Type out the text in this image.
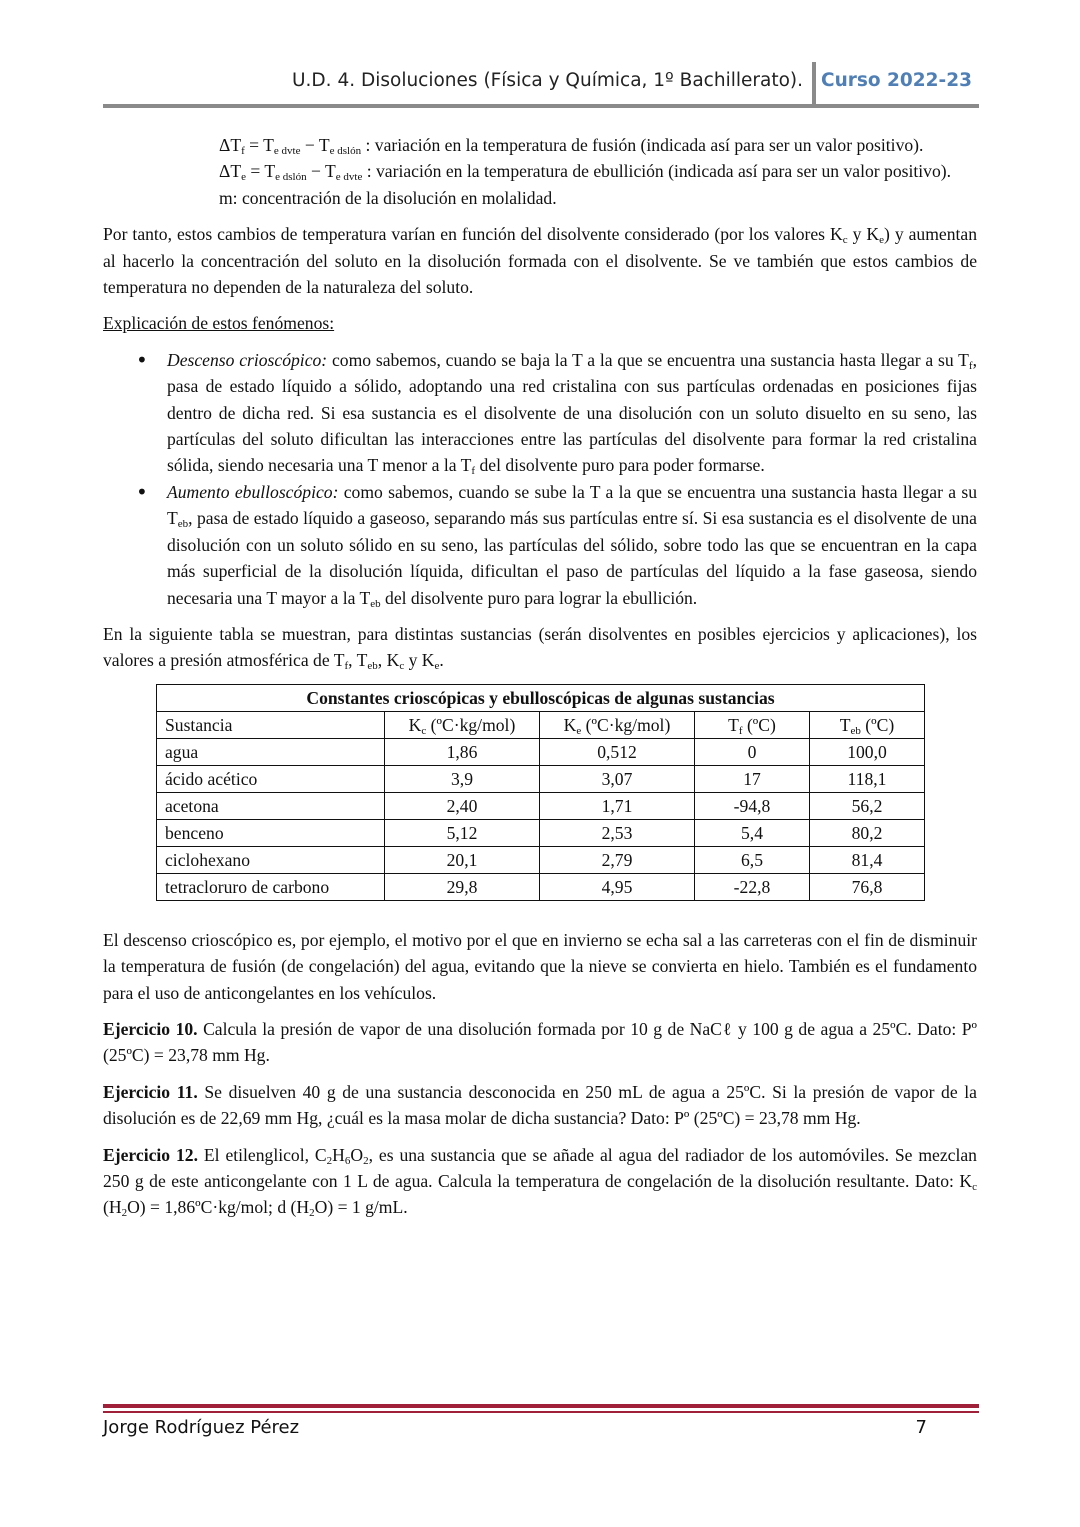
U.D. 4. Disoluciones (Física y Química, 1º Bachillerato). Curso 2022-23

$\Delta T_f = T_{e dvte} - T_{e dslón}$ : variación en la temperatura de fusión (indicada así para ser un valor positivo).

$\Delta T_e = T_{e dslón} - T_{e dvte}$ : variación en la temperatura de ebullición (indicada así para ser un valor positivo).

m: concentración de la disolución en molalidad.

Por tanto, estos cambios de temperatura varían en función del disolvente considerado (por los valores $K_c$ y $K_e$) y aumentan al hacerlo la concentración del soluto en la disolución formada con el disolvente. Se ve también que estos cambios de temperatura no dependen de la naturaleza del soluto.

Explicación de estos fenómenos:

• Descenso crioscópico: como sabemos, cuando se baja la T a la que se encuentra una sustancia hasta llegar a su $T_f$, pasa de estado líquido a sólido, adoptando una red cristalina con sus partículas ordenadas en posiciones fijas dentro de dicha red. Si esa sustancia es el disolvente de una disolución con un soluto disuelto en su seno, las partículas del soluto dificultan las interacciones entre las partículas del disolvente para formar la red cristalina sólida, siendo necesaria una T menor a la $T_f$ del disolvente puro para poder formarse.
• Aumento ebulloscópico: como sabemos, cuando se sube la T a la que se encuentra una sustancia hasta llegar a su $T_{eb}$, pasa de estado líquido a gaseoso, separando más sus partículas entre sí. Si esa sustancia es el disolvente de una disolución con un soluto sólido en su seno, las partículas del sólido, sobre todo las que se encuentran en la capa más superficial de la disolución líquida, dificultan el paso de partículas del líquido a la fase gaseosa, siendo necesaria una T mayor a la $T_{eb}$ del disolvente puro para lograr la ebullición.

En la siguiente tabla se muestran, para distintas sustancias (serán disolventes en posibles ejercicios y aplicaciones), los valores a presión atmosférica de $T_f$, $T_{eb}$, $K_c$ y $K_e$.

Constantes crioscópicas y ebulloscópicas de algunas sustancias				
Sustancia	$K_c$ (ºC·kg/mol)	$K_e$ (ºC·kg/mol)	$T_f$ (ºC)	$T_{eb}$ (ºC)
agua	1,86	0,512	0	100,0
ácido acético	3,9	3,07	17	118,1
acetona	2,40	1,71	-94,8	56,2
benceno	5,12	2,53	5,4	80,2
ciclohexano	20,1	2,79	6,5	81,4
tetracloruro de carbono	29,8	4,95	-22,8	76,8

El descenso crioscópico es, por ejemplo, el motivo por el que en invierno se echa sal a las carreteras con el fin de disminuir la temperatura de fusión (de congelación) del agua, evitando que la nieve se convierta en hielo. También es el fundamento para el uso de anticongelantes en los vehículos.

Ejercicio 10. Calcula la presión de vapor de una disolución formada por 10 g de NaCℓ y 100 g de agua a 25ºC. Dato: Pº (25ºC) = 23,78 mm Hg.

Ejercicio 11. Se disuelven 40 g de una sustancia desconocida en 250 mL de agua a 25ºC. Si la presión de vapor de la disolución es de 22,69 mm Hg, ¿cuál es la masa molar de dicha sustancia? Dato: Pº (25ºC) = 23,78 mm Hg.

Ejercicio 12. El etilenglicol, $C_2H_6O_2$, es una sustancia que se añade al agua del radiador de los automóviles. Se mezclan 250 g de este anticongelante con 1 L de agua. Calcula la temperatura de congelación de la disolución resultante. Dato: $K_c$ $(H_2O)$ = 1,86ºC·kg/mol; d $(H_2O) = 1$ g/mL.

Jorge Rodríguez Pérez	7
